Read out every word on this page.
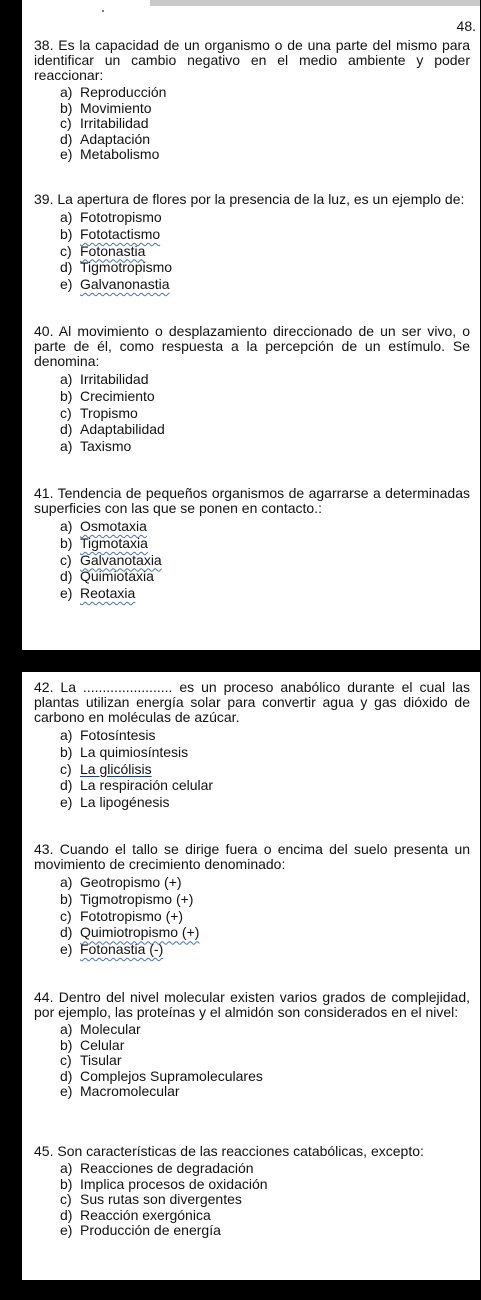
48.

38. Es la capacidad de un organismo o de una parte del mismo para identificar un cambio negativo en el medio ambiente y poder reaccionar:

a) Reproducción
b) Movimiento
c) Irritabilidad
d) Adaptación
e) Metabolismo

39. La apertura de flores por la presencia de la luz, es un ejemplo de:

a) Fototropismo
b) Fototactismo
c) Fotonastia
d) Tigmotropismo
e) Galvanonastia

40. Al movimiento o desplazamiento direccionado de un ser vivo, o parte de él, como respuesta a la percepción de un estímulo. Se denomina:

a) Irritabilidad
b) Crecimiento
c) Tropismo
d) Adaptabilidad
a) Taxismo

41. Tendencia de pequeños organismos de agarrarse a determinadas superficies con las que se ponen en contacto.:

a) Osmotaxia
b) Tigmotaxia
c) Galvanotaxia
d) Quimiotaxia
e) Reotaxia

42. La ....................... es un proceso anabólico durante el cual las plantas utilizan energía solar para convertir agua y gas dióxido de carbono en moléculas de azúcar.

a) Fotosíntesis
b) La quimiosíntesis
c) La glicólisis
d) La respiración celular
e) La lipogénesis

43. Cuando el tallo se dirige fuera o encima del suelo presenta un movimiento de crecimiento denominado:

a) Geotropismo (+)
b) Tigmotropismo (+)
c) Fototropismo (+)
d) Quimiotropismo (+)
e) Fotonastia (-)

44. Dentro del nivel molecular existen varios grados de complejidad, por ejemplo, las proteínas y el almidón son considerados en el nivel:

a) Molecular
b) Celular
c) Tisular
d) Complejos Supramoleculares
e) Macromolecular

45. Son características de las reacciones catabólicas, excepto:

a) Reacciones de degradación
b) Implica procesos de oxidación
c) Sus rutas son divergentes
d) Reacción exergónica
e) Producción de energía
